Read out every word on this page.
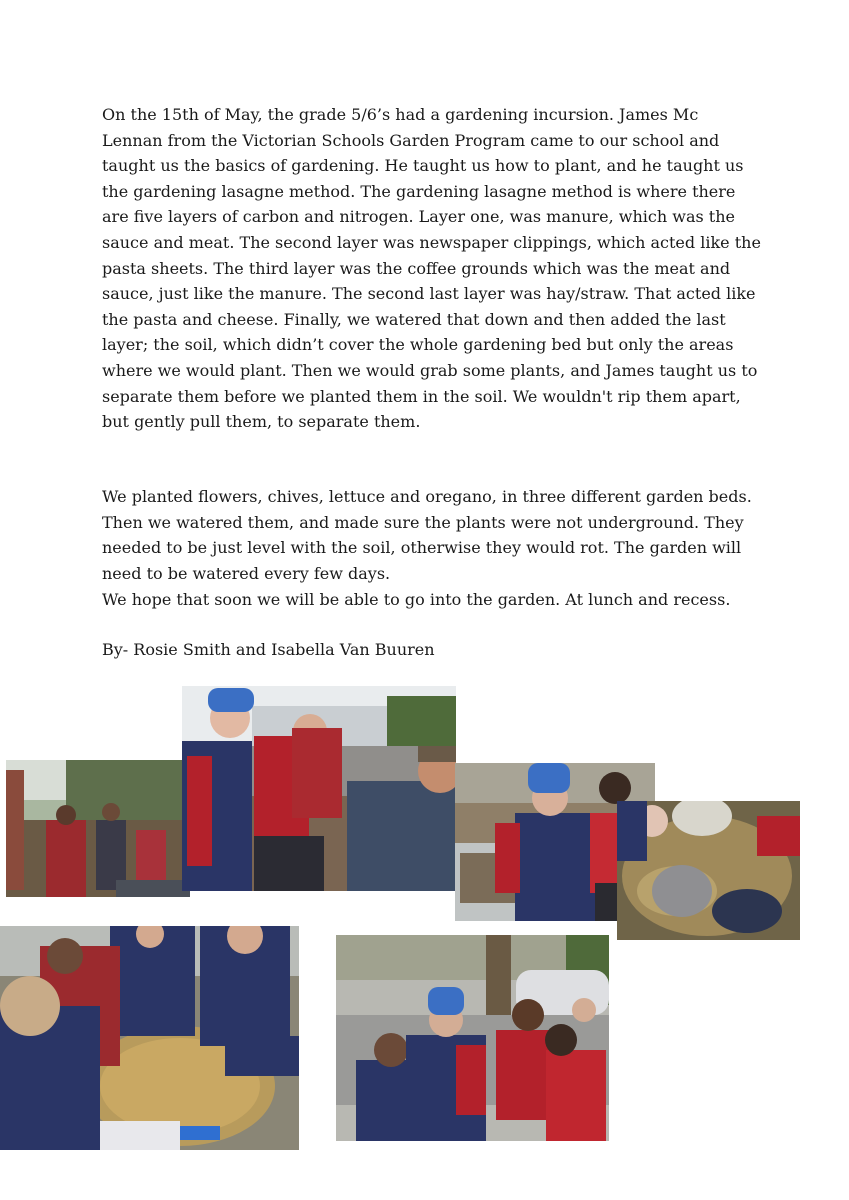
On the 15th of May, the grade 5/6’s had a gardening incursion. James Mc Lennan from the Victorian Schools Garden Program came to our school and taught us the basics of gardening. He taught us how to plant, and he taught us the gardening lasagne method. The gardening lasagne method is where there are five layers of carbon and nitrogen. Layer one, was manure, which was the sauce and meat. The second layer was newspaper clippings, which acted like the pasta sheets. The third layer was the coffee grounds which was the meat and sauce, just like the manure. The second last layer was hay/straw. That acted like the pasta and cheese. Finally, we watered that down and then added the last layer; the soil, which didn’t cover the whole gardening bed but only the areas where we would plant. Then we would grab some plants, and James taught us to separate them before we planted them in the soil. We wouldn't rip them apart, but gently pull them, to separate them.

We planted flowers, chives, lettuce and oregano, in three different garden beds. Then we watered them, and made sure the plants were not underground. They needed to be just level with the soil, otherwise they would rot. The garden will need to be watered every few days.

We hope that soon we will be able to go into the garden. At lunch and recess.

By- Rosie Smith and Isabella Van Buuren
